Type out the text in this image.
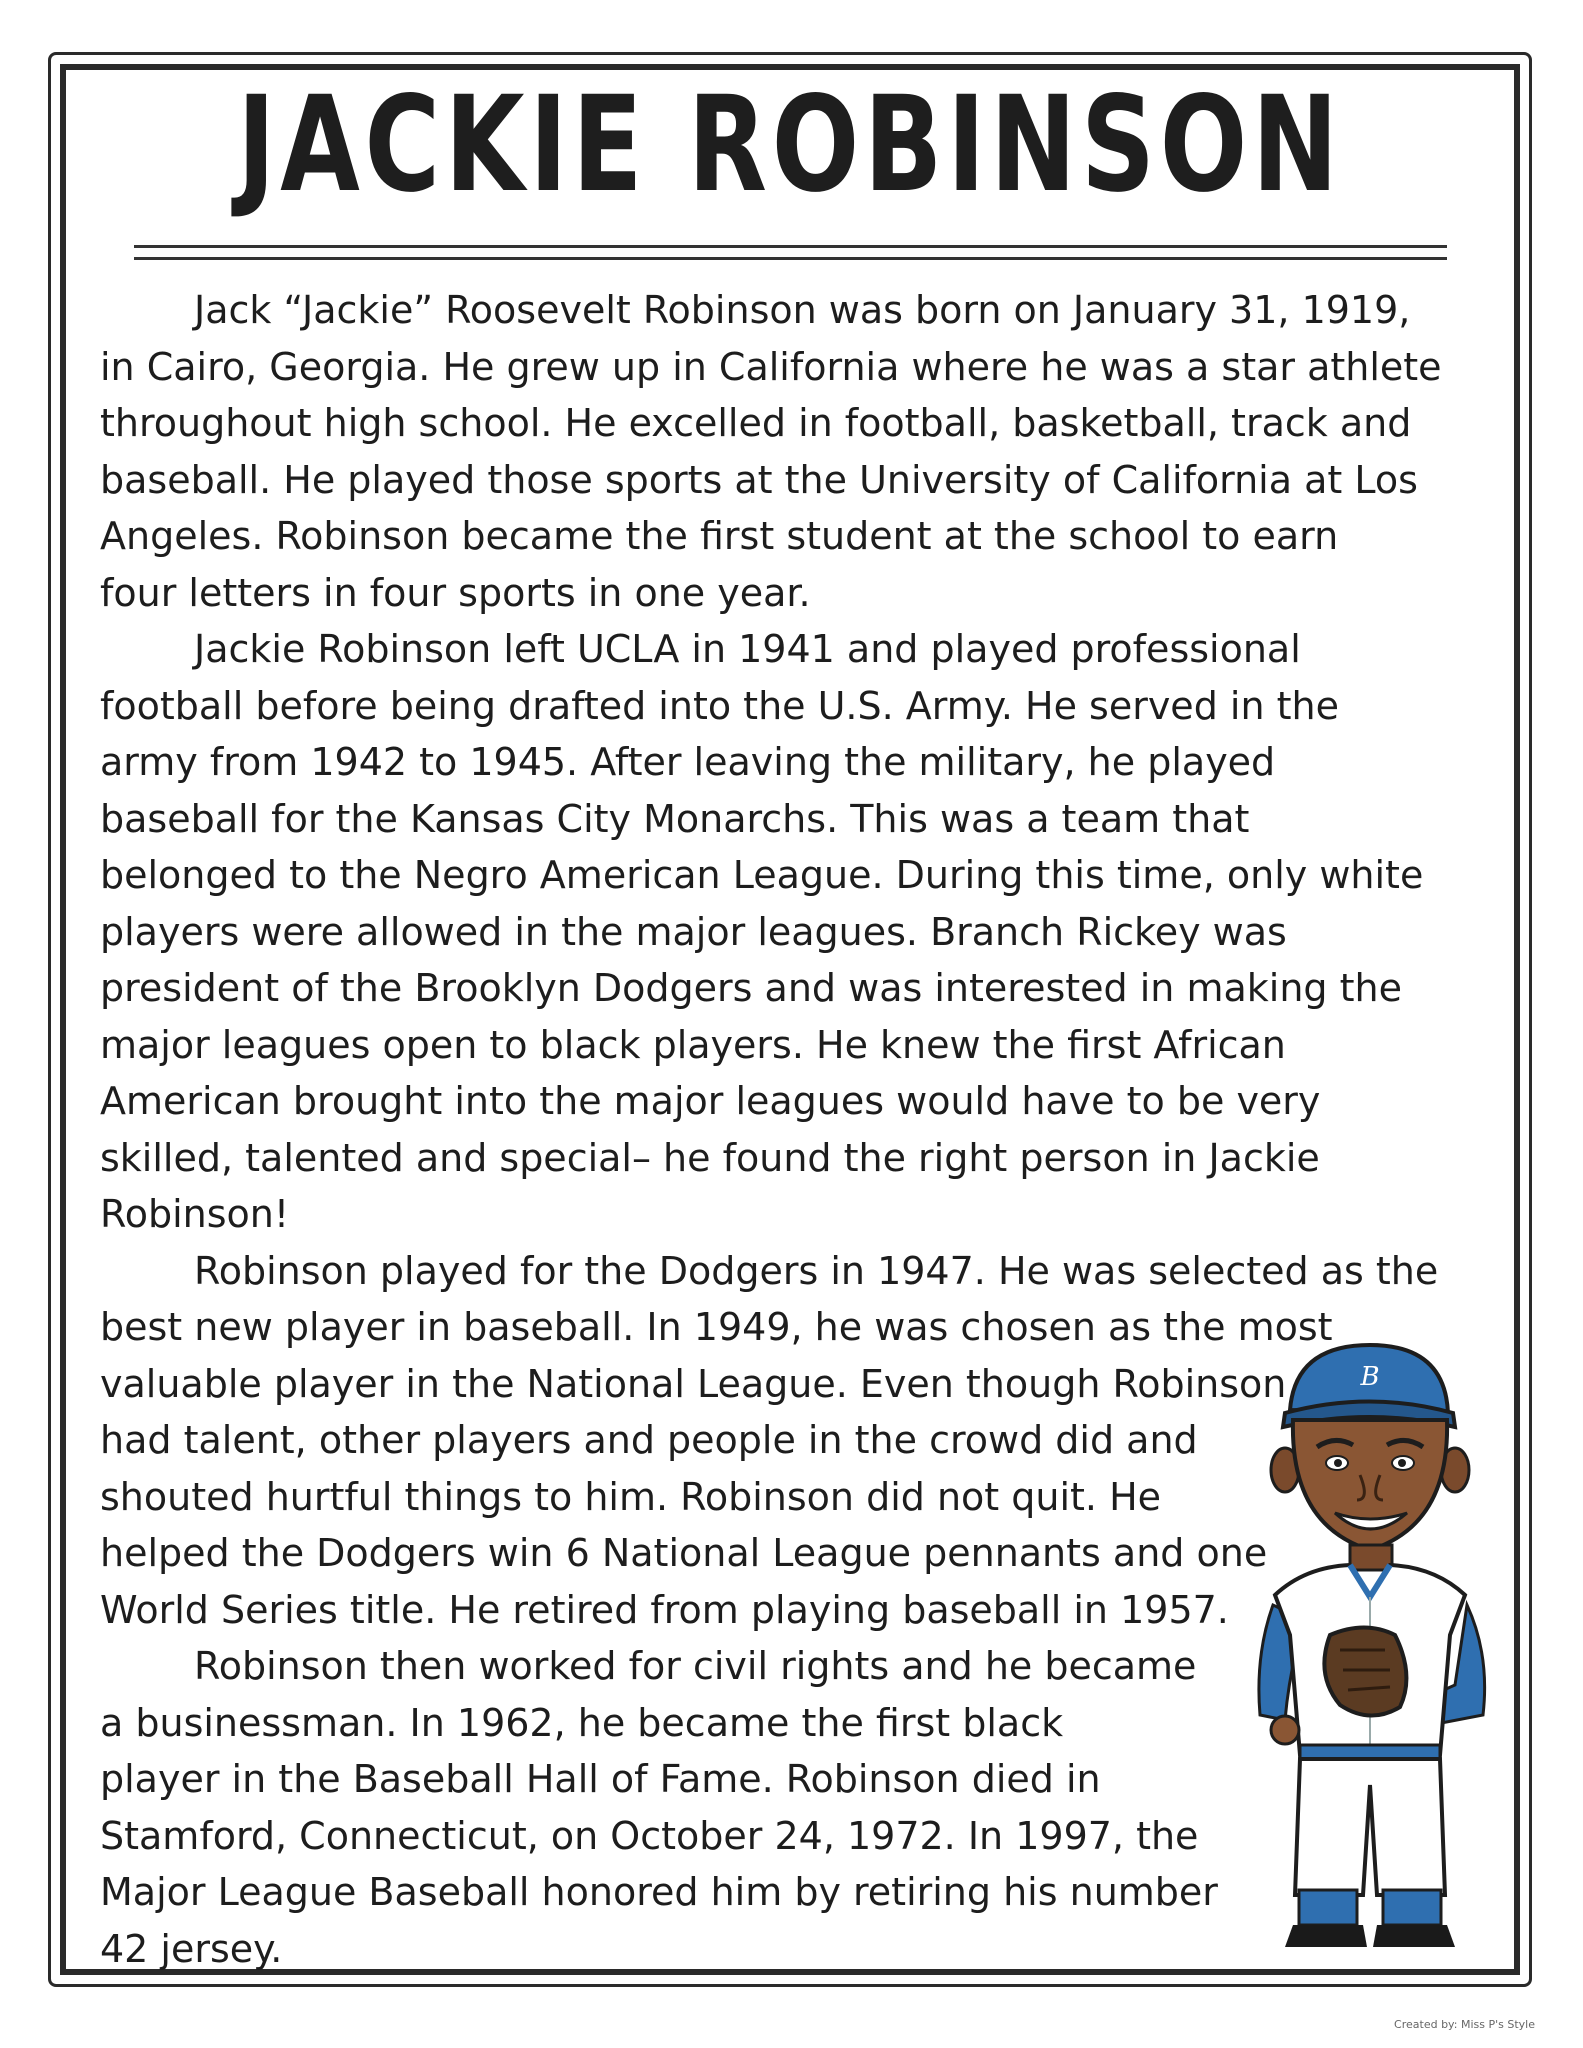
JACKIE ROBINSON
Jack “Jackie” Roosevelt Robinson was born on January 31, 1919,
in Cairo, Georgia. He grew up in California where he was a star athlete
throughout high school. He excelled in football, basketball, track and
baseball. He played those sports at the University of California at Los
Angeles. Robinson became the first student at the school to earn
four letters in four sports in one year.
Jackie Robinson left UCLA in 1941 and played professional
football before being drafted into the U.S. Army. He served in the
army from 1942 to 1945. After leaving the military, he played
baseball for the Kansas City Monarchs. This was a team that
belonged to the Negro American League. During this time, only white
players were allowed in the major leagues. Branch Rickey was
president of the Brooklyn Dodgers and was interested in making the
major leagues open to black players. He knew the first African
American brought into the major leagues would have to be very
skilled, talented and special– he found the right person in Jackie
Robinson!
Robinson played for the Dodgers in 1947. He was selected as the
best new player in baseball. In 1949, he was chosen as the most
valuable player in the National League. Even though Robinson
had talent, other players and people in the crowd did and
shouted hurtful things to him. Robinson did not quit. He
helped the Dodgers win 6 National League pennants and one
World Series title. He retired from playing baseball in 1957.
Robinson then worked for civil rights and he became
a businessman. In 1962, he became the first black
player in the Baseball Hall of Fame. Robinson died in
Stamford, Connecticut, on October 24, 1972. In 1997, the
Major League Baseball honored him by retiring his number
42 jersey.
B
Created by: Miss P's Style
